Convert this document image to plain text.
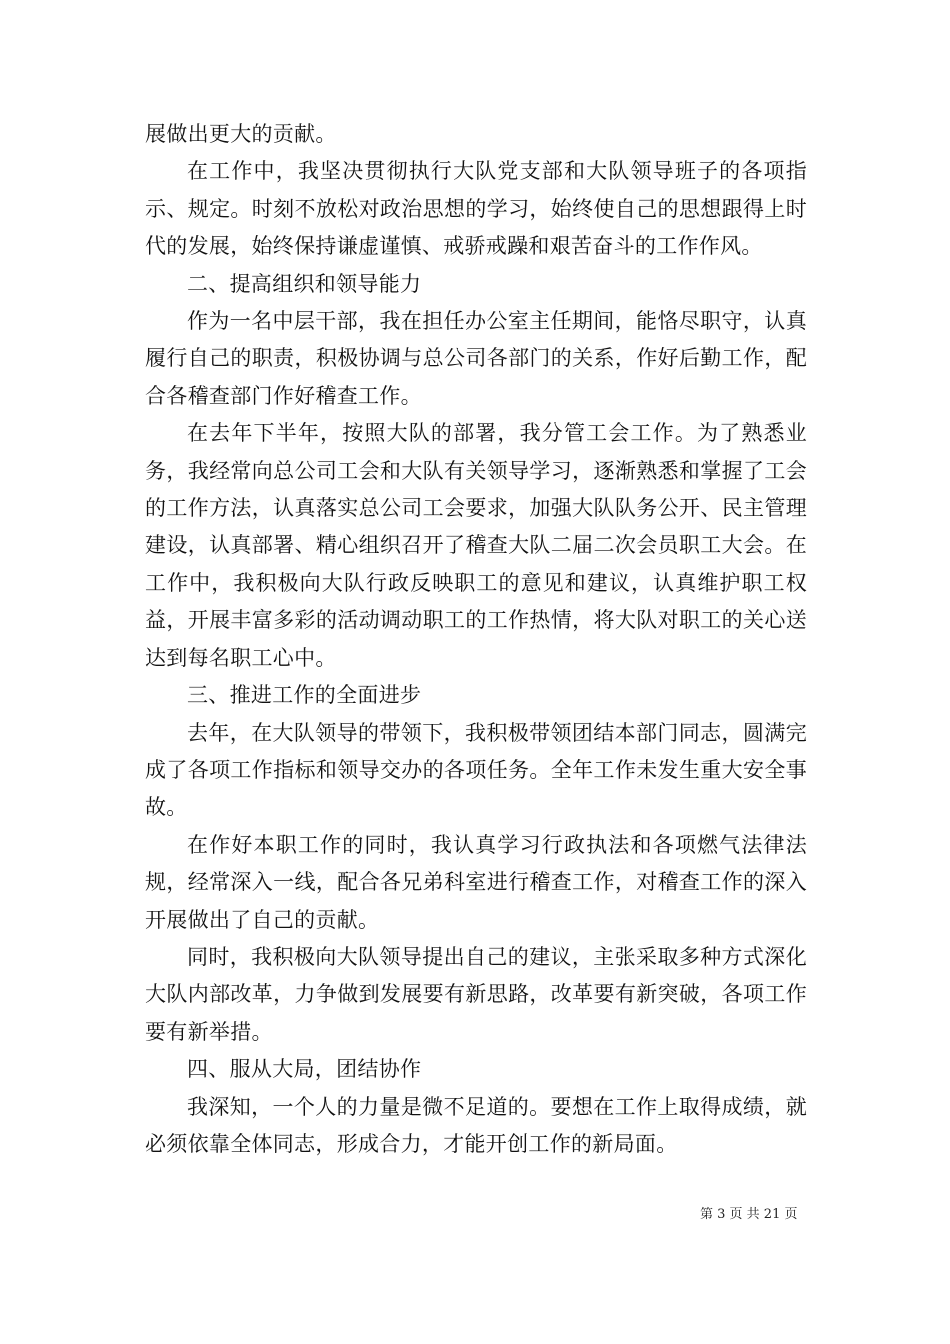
展做出更大的贡献。

在工作中，我坚决贯彻执行大队党支部和大队领导班子的各项指示、规定。时刻不放松对政治思想的学习，始终使自己的思想跟得上时代的发展，始终保持谦虚谨慎、戒骄戒躁和艰苦奋斗的工作作风。

二、提高组织和领导能力

作为一名中层干部，我在担任办公室主任期间，能恪尽职守，认真履行自己的职责，积极协调与总公司各部门的关系，作好后勤工作，配合各稽查部门作好稽查工作。

在去年下半年，按照大队的部署，我分管工会工作。为了熟悉业务，我经常向总公司工会和大队有关领导学习，逐渐熟悉和掌握了工会的工作方法，认真落实总公司工会要求，加强大队队务公开、民主管理建设，认真部署、精心组织召开了稽查大队二届二次会员职工大会。在工作中，我积极向大队行政反映职工的意见和建议，认真维护职工权益，开展丰富多彩的活动调动职工的工作热情，将大队对职工的关心送达到每名职工心中。

三、推进工作的全面进步

去年，在大队领导的带领下，我积极带领团结本部门同志，圆满完成了各项工作指标和领导交办的各项任务。全年工作未发生重大安全事故。

在作好本职工作的同时，我认真学习行政执法和各项燃气法律法规，经常深入一线，配合各兄弟科室进行稽查工作，对稽查工作的深入开展做出了自己的贡献。

同时，我积极向大队领导提出自己的建议，主张采取多种方式深化大队内部改革，力争做到发展要有新思路，改革要有新突破，各项工作要有新举措。

四、服从大局，团结协作

我深知，一个人的力量是微不足道的。要想在工作上取得成绩，就必须依靠全体同志，形成合力，才能开创工作的新局面。

第 3 页 共 21 页
